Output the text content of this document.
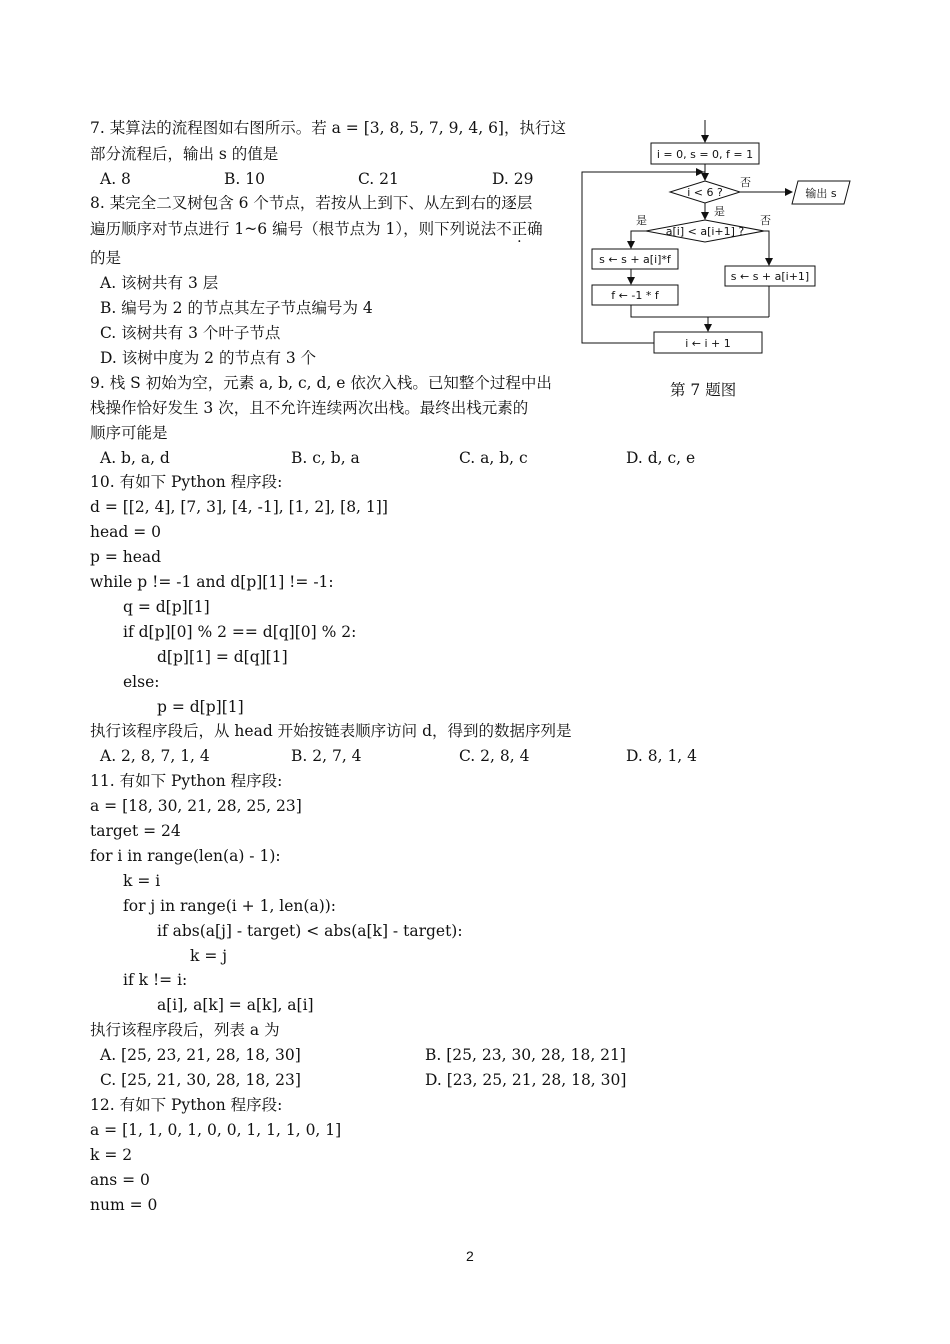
7. 某算法的流程图如右图所示。若 a = [3, 8, 5, 7, 9, 4, 6]，执行这
部分流程后，输出 s 的值是
A. 8	B. 10	C. 21	D. 29
8. 某完全二叉树包含 6 个节点，若按从上到下、从左到右的逐层
遍历顺序对节点进行 1~6 编号（根节点为 1），则下列说法不正确
的是
A. 该树共有 3 层
B. 编号为 2 的节点其左子节点编号为 4
C. 该树共有 3 个叶子节点
D. 该树中度为 2 的节点有 3 个
9. 栈 S 初始为空，元素 a, b, c, d, e 依次入栈。已知整个过程中出
栈操作恰好发生 3 次，且不允许连续两次出栈。最终出栈元素的
顺序可能是
A. b, a, d	B. c, b, a	C. a, b, c	D. d, c, e
10. 有如下 Python 程序段:
d = [[2, 4], [7, 3], [4, -1], [1, 2], [8, 1]]
head = 0
p = head
while p != -1 and d[p][1] != -1:
q = d[p][1]
if d[p][0] % 2 == d[q][0] % 2:
d[p][1] = d[q][1]
else:
p = d[p][1]
执行该程序段后，从 head 开始按链表顺序访问 d，得到的数据序列是
A. 2, 8, 7, 1, 4	B. 2, 7, 4	C. 2, 8, 4	D. 8, 1, 4
11. 有如下 Python 程序段:
a = [18, 30, 21, 28, 25, 23]
target = 24
for i in range(len(a) - 1):
k = i
for j in range(i + 1, len(a)):
if abs(a[j] - target) < abs(a[k] - target):
k = j
if k != i:
a[i], a[k] = a[k], a[i]
执行该程序段后，列表 a 为
A. [25, 23, 21, 28, 18, 30]	B. [25, 23, 30, 28, 18, 21]
C. [25, 21, 30, 28, 18, 23]	D. [23, 25, 21, 28, 18, 30]
12. 有如下 Python 程序段:
a = [1, 1, 0, 1, 0, 0, 1, 1, 1, 0, 1]
k = 2
ans = 0
num = 0
i = 0, s = 0, f = 1
i < 6 ?
否
输出 s
是
a[i] < a[i+1] ?
是	否
s ← s + a[i]*f
f ← -1 * f
s ← s + a[i+1]
i ← i + 1
第 7 题图
2
